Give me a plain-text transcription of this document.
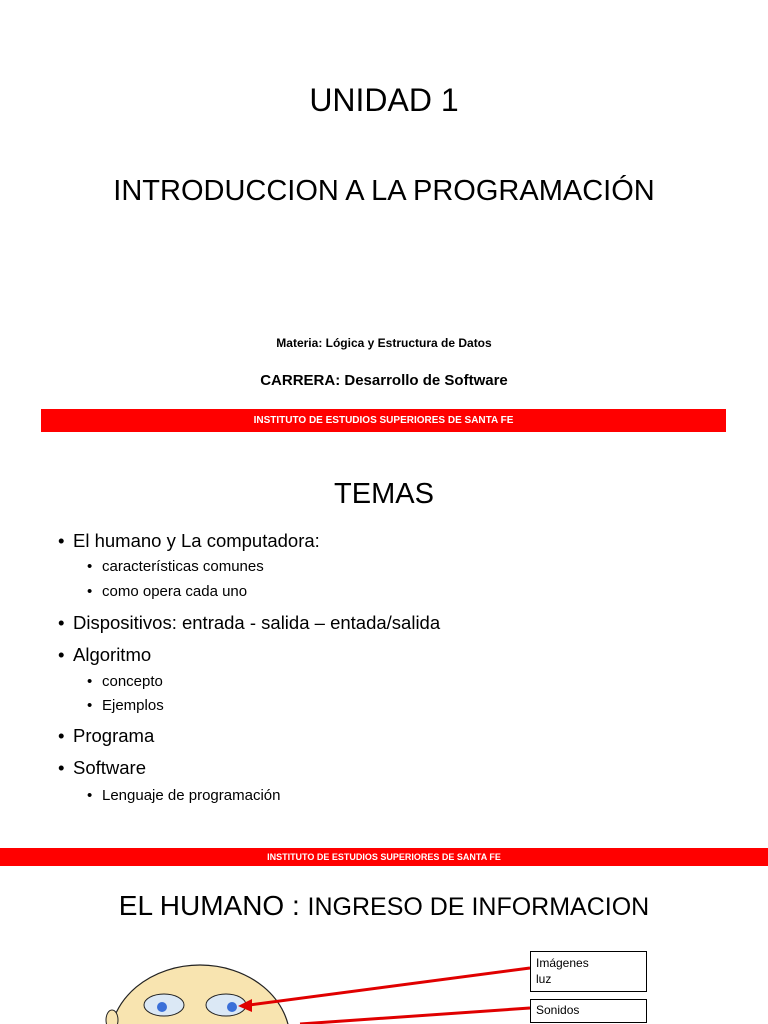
UNIDAD 1
INTRODUCCION A LA PROGRAMACIÓN
Materia: Lógica y Estructura de Datos
CARRERA: Desarrollo de Software
INSTITUTO DE ESTUDIOS SUPERIORES DE SANTA FE
TEMAS
• El humano y La computadora:
• características comunes
• como opera cada uno
• Dispositivos: entrada - salida – entada/salida
• Algoritmo
• concepto
• Ejemplos
• Programa
• Software
• Lenguaje de programación
INSTITUTO DE ESTUDIOS SUPERIORES DE SANTA FE
EL HUMANO : INGRESO DE INFORMACION
Imágenes
luz
Sonidos
